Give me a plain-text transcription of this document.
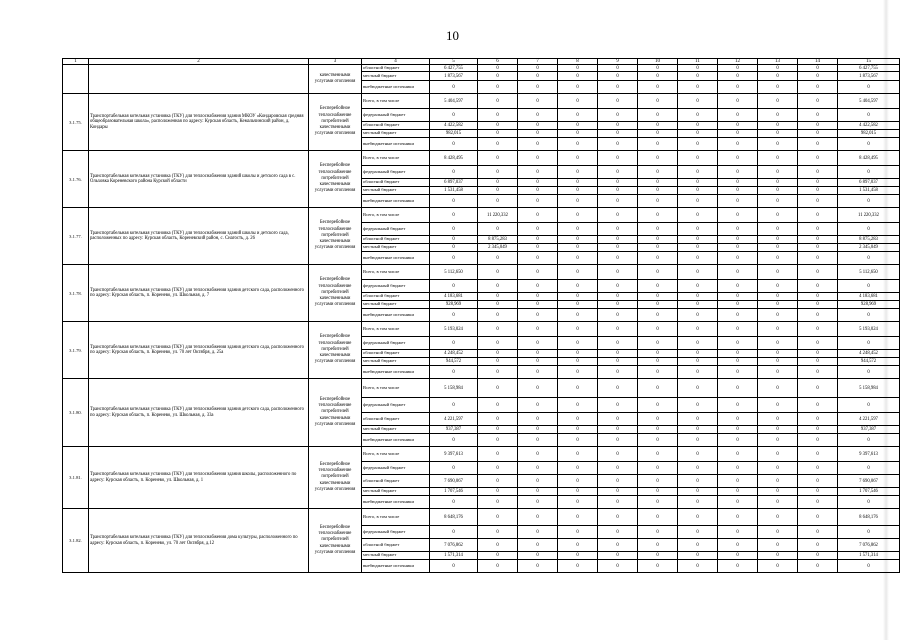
10
1	2	3	4	5	6	7	8	9	10	11	12	13	14	15
		качественными услугами отопления	областной бюджет	6 427,755	0	0	0	0	0	0	0	0	0	6 427,755
			местный бюджет	1 873,567	0	0	0	0	0	0	0	0	0	1 873,567
			внебюджетные источники	0	0	0	0	0	0	0	0	0	0	0
3.1.75.	Транспортабельная котельная установка (ТКУ) для теплоснабжения здания МКОУ «Кондаровская средняя общеобразовательная школа», расположенная по адресу: Курская область, Кемальчинский район, д. Кондары	Бесперебойное теплоснабжение потребителей качественными услугами отопления	Всего, в том числе	5 404,597	0	0	0	0	0	0	0	0	0	5 404,597
			федеральный бюджет	0	0	0	0	0	0	0	0	0	0	0
			областной бюджет	4 422,582	0	0	0	0	0	0	0	0	0	4 422,582
			местный бюджет	982,015	0	0	0	0	0	0	0	0	0	982,015
			внебюджетные источники	0	0	0	0	0	0	0	0	0	0	0
3.1.76.	Транспортабельная котельная установка (ТКУ) для теплоснабжения зданий школы и детского сада в с. Ольховка Кореневского района Курской области	Бесперебойное теплоснабжение потребителей качественными услугами отопления	Всего, в том числе	8 428,495	0	0	0	0	0	0	0	0	0	8 428,495
			федеральный бюджет	0	0	0	0	0	0	0	0	0	0	0
			областной бюджет	6 897,037	0	0	0	0	0	0	0	0	0	6 897,037
			местный бюджет	1 531,458	0	0	0	0	0	0	0	0	0	1 531,458
			внебюджетные источники	0	0	0	0	0	0	0	0	0	0	0
3.1.77.	Транспортабельная котельная установка (ТКУ) для теплоснабжения зданий школы и детского сада, расположенных по адресу: Курская область, Кореневский район, с. Снагость, д. 26	Бесперебойное теплоснабжение потребителей качественными услугами отопления	Всего, в том числе	0	11 220,332	0	0	0	0	0	0	0	0	11 220,332
			федеральный бюджет	0	0	0	0	0	0	0	0	0	0	0
			областной бюджет	0	8 875,283	0	0	0	0	0	0	0	0	8 875,283
			местный бюджет	0	2 345,049	0	0	0	0	0	0	0	0	2 345,049
			внебюджетные источники	0	0	0	0	0	0	0	0	0	0	0
3.1.78.	Транспортабельная котельная установка (ТКУ) для теплоснабжения здания детского сада, расположенного по адресу: Курская область, п. Коренево, ул. Школьная, д. 7	Бесперебойное теплоснабжение потребителей качественными услугами отопления	Всего, в том числе	5 112,650	0	0	0	0	0	0	0	0	0	5 112,650
			федеральный бюджет	0	0	0	0	0	0	0	0	0	0	0
			областной бюджет	4 183,681	0	0	0	0	0	0	0	0	0	4 183,681
			местный бюджет	928,969	0	0	0	0	0	0	0	0	0	928,969
			внебюджетные источники	0	0	0	0	0	0	0	0	0	0	0
3.1.79.	Транспортабельная котельная установка (ТКУ) для теплоснабжения здания детского сада, расположенного по адресу: Курская область, п. Коренево, ул. 70 лет Октября, д. 25а	Бесперебойное теплоснабжение потребителей качественными услугами отопления	Всего, в том числе	5 193,024	0	0	0	0	0	0	0	0	0	5 193,024
			федеральный бюджет	0	0	0	0	0	0	0	0	0	0	0
			областной бюджет	4 248,452	0	0	0	0	0	0	0	0	0	4 248,452
			местный бюджет	944,572	0	0	0	0	0	0	0	0	0	944,572
			внебюджетные источники	0	0	0	0	0	0	0	0	0	0	0
3.1.80.	Транспортабельная котельная установка (ТКУ) для теплоснабжения здания детского сада, расположенного по адресу: Курская область, п. Коренево, ул. Школьная, д. 33а	Бесперебойное теплоснабжение потребителей качественными услугами отопления	Всего, в том числе	5 158,984	0	0	0	0	0	0	0	0	0	5 158,984
			федеральный бюджет	0	0	0	0	0	0	0	0	0	0	0
			областной бюджет	4 221,597	0	0	0	0	0	0	0	0	0	4 221,597
			местный бюджет	937,387	0	0	0	0	0	0	0	0	0	937,387
			внебюджетные источники	0	0	0	0	0	0	0	0	0	0	0
3.1.81.	Транспортабельная котельная установка (ТКУ) для теплоснабжения здания школы, расположенного по адресу: Курская область, п. Коренево, ул. Школьная, д. 1	Бесперебойное теплоснабжение потребителей качественными услугами отопления	Всего, в том числе	9 397,613	0	0	0	0	0	0	0	0	0	9 397,613
			федеральный бюджет	0	0	0	0	0	0	0	0	0	0	0
			областной бюджет	7 690,067	0	0	0	0	0	0	0	0	0	7 690,067
			местный бюджет	1 707,546	0	0	0	0	0	0	0	0	0	1 707,546
			внебюджетные источники	0	0	0	0	0	0	0	0	0	0	0
3.1.82.	Транспортабельная котельная установка (ТКУ) для теплоснабжения дома культуры, расположенного по адресу: Курская область, п. Коренево, ул. 70 лет Октября, д.12	Бесперебойное теплоснабжение потребителей качественными услугами отопления	Всего, в том числе	8 648,176	0	0	0	0	0	0	0	0	0	8 648,176
			федеральный бюджет	0	0	0	0	0	0	0	0	0	0	0
			областной бюджет	7 076,862	0	0	0	0	0	0	0	0	0	7 076,862
			местный бюджет	1 571,314	0	0	0	0	0	0	0	0	0	1 571,314
			внебюджетные источники	0	0	0	0	0	0	0	0	0	0	0
